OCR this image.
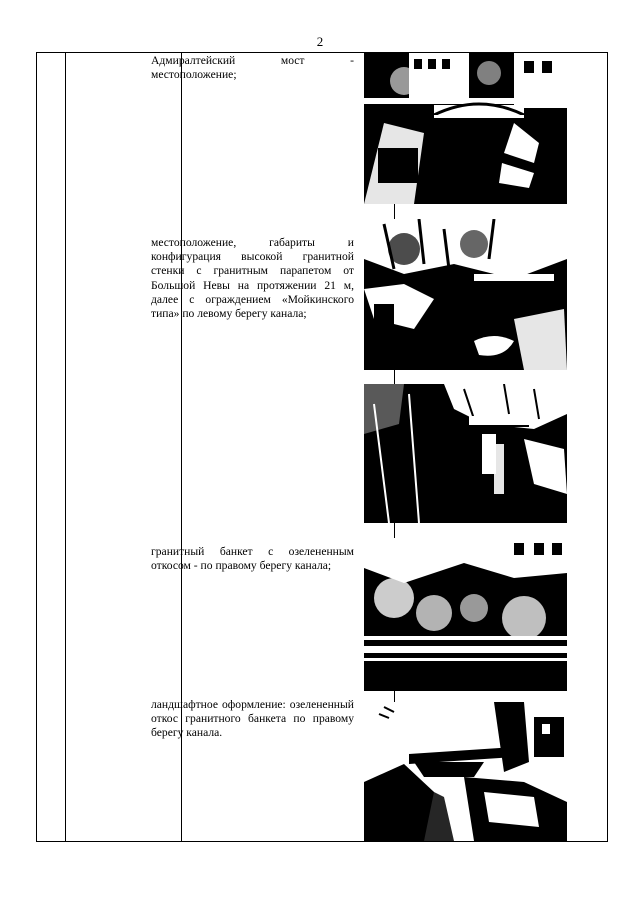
2
Адмиралтейский	мост	-
местоположение;
местоположение, габариты и конфигурация высокой гранитной стенки с гранитным парапетом от Большой Невы на протяжении 21 м, далее с ограждением «Мойкинского типа» по левому берегу канала;
гранитный банкет с озелененным откосом - по правому берегу канала;
ландшафтное оформление: озелененный откос гранитного банкета по правому берегу канала.
